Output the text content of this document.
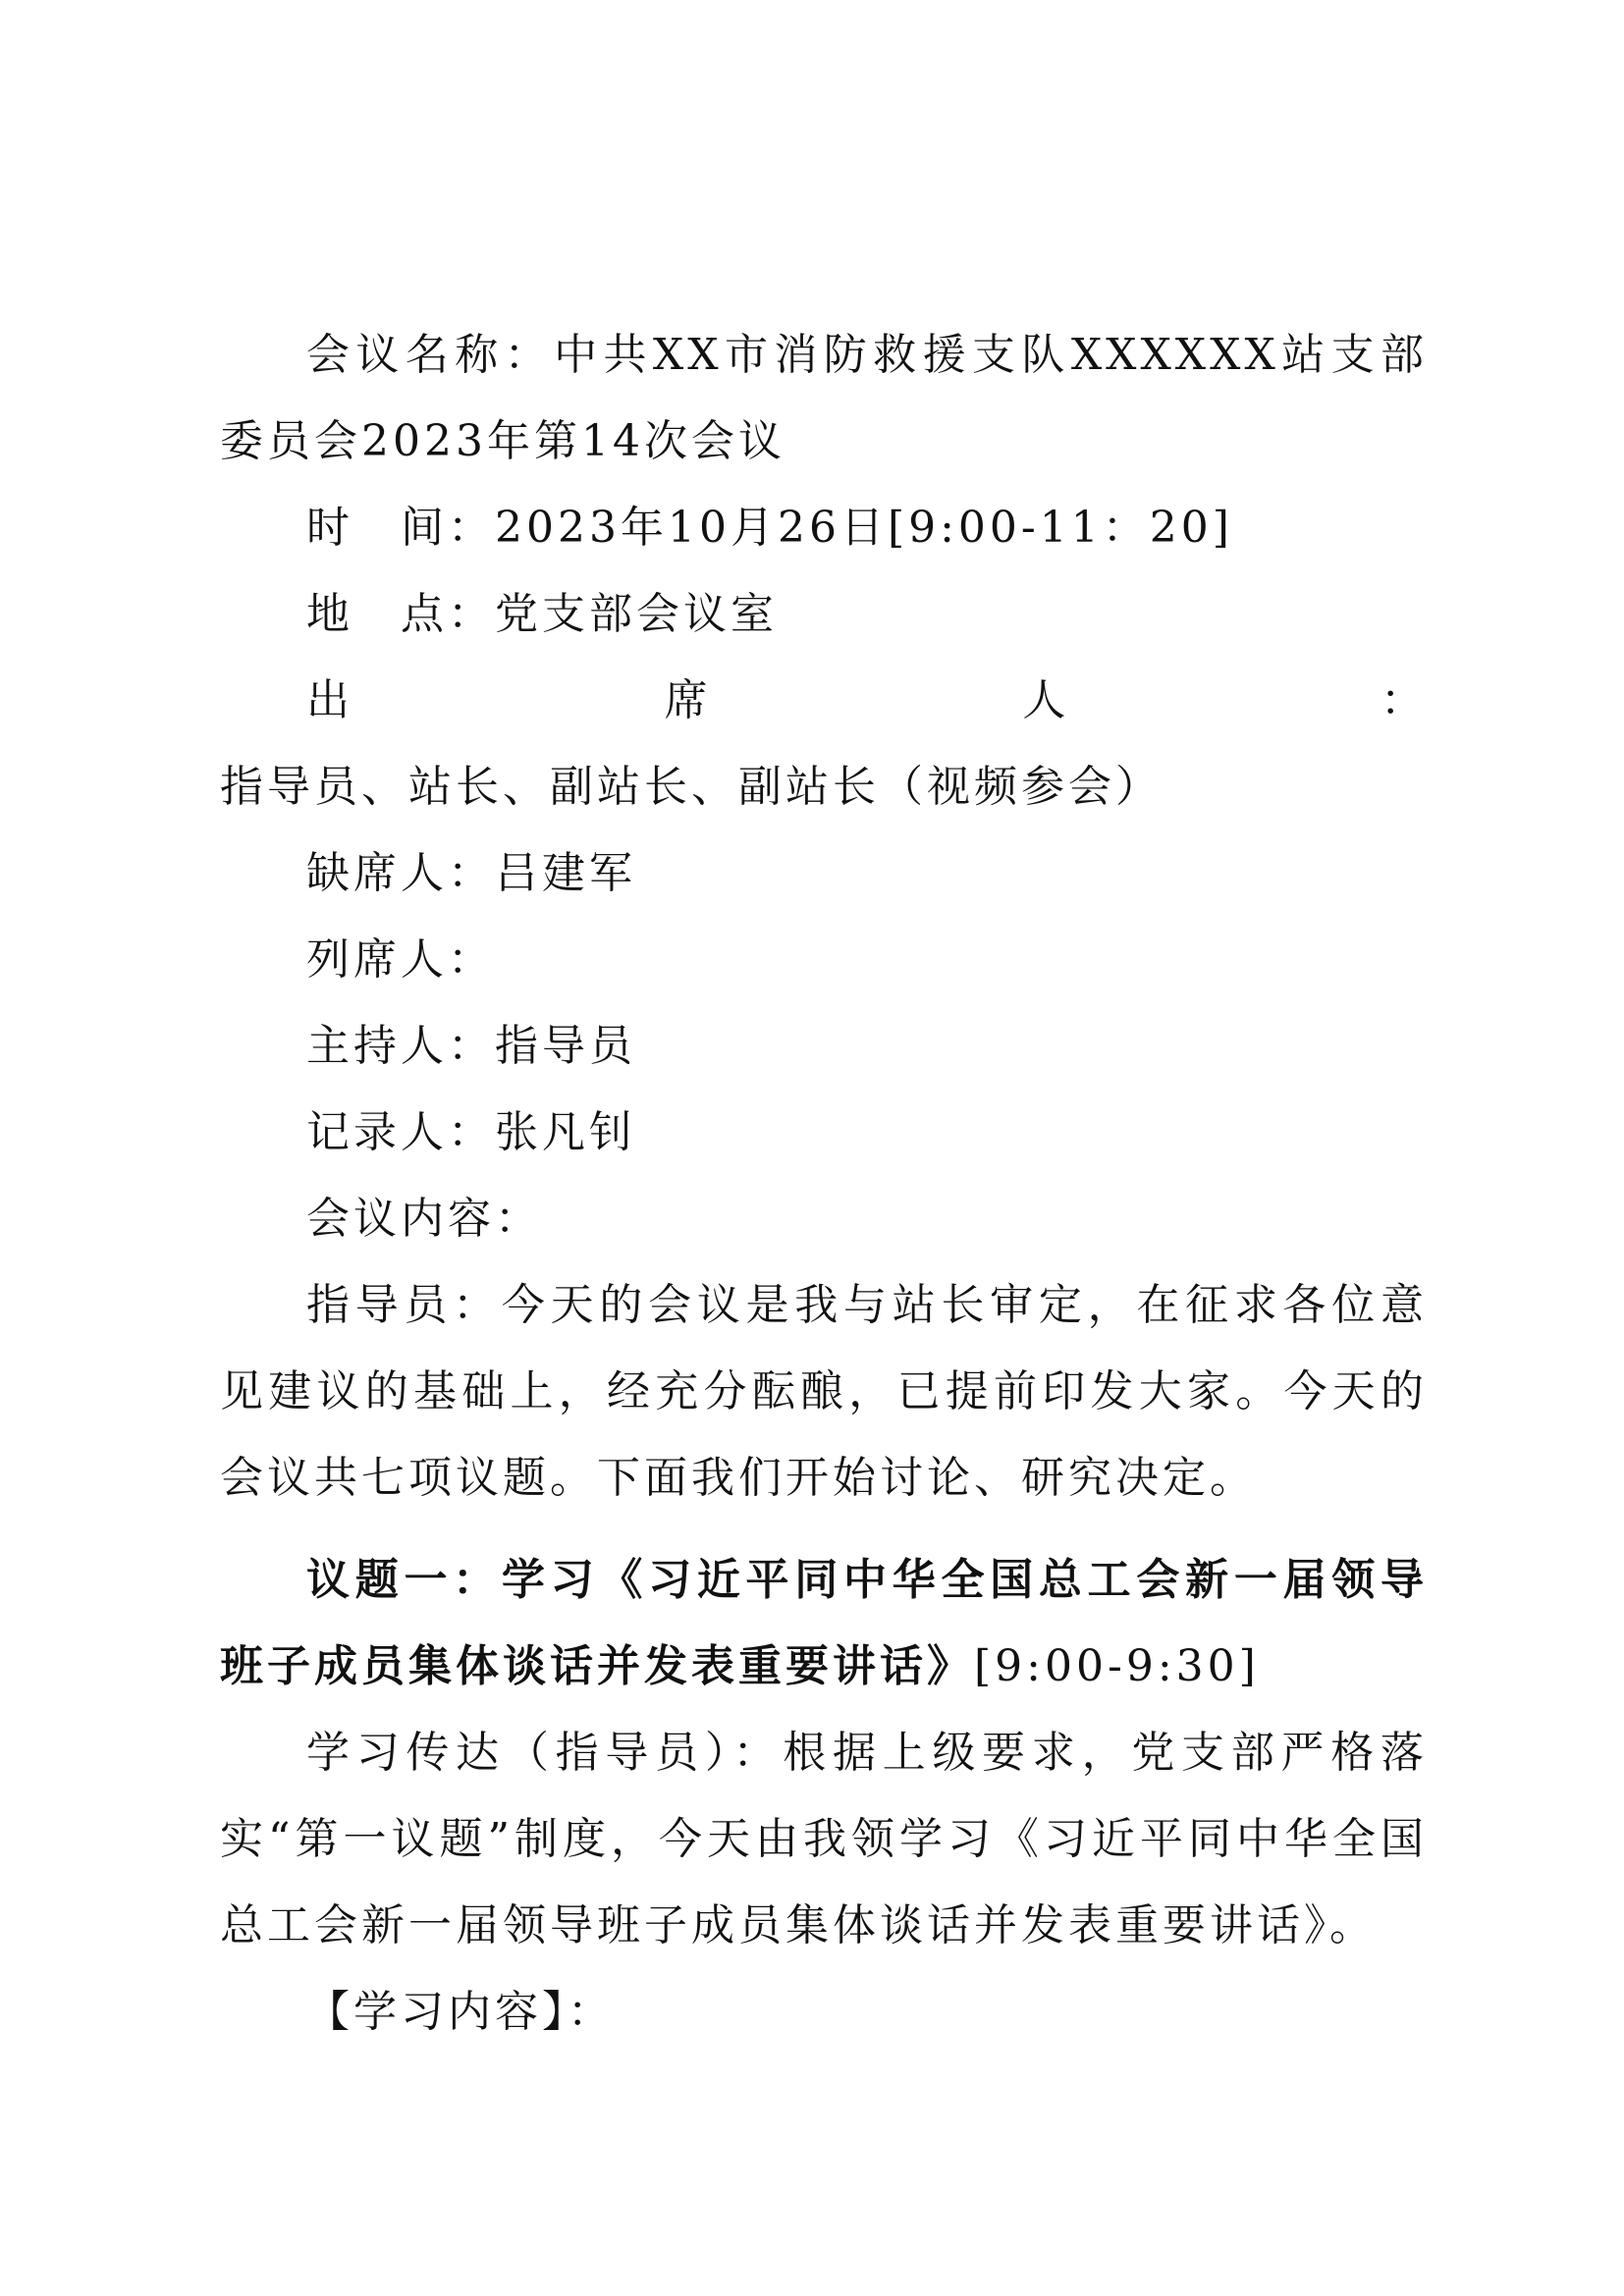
会议名称：中共XX市消防救援支队XXXXXX站支部委员会2023年第14次会议

时　间：2023年10月26日[9:00-11：20]

地　点：党支部会议室

出席人：指导员、站长、副站长、副站长（视频参会）

缺席人：吕建军

列席人：

主持人：指导员

记录人：张凡钊

会议内容：

指导员：今天的会议是我与站长审定，在征求各位意见建议的基础上，经充分酝酿，已提前印发大家。今天的会议共七项议题。下面我们开始讨论、研究决定。

议题一：学习《习近平同中华全国总工会新一届领导班子成员集体谈话并发表重要讲话》[9:00-9:30]

学习传达（指导员）：根据上级要求，党支部严格落实“第一议题”制度，今天由我领学习《习近平同中华全国总工会新一届领导班子成员集体谈话并发表重要讲话》。

【学习内容】：
